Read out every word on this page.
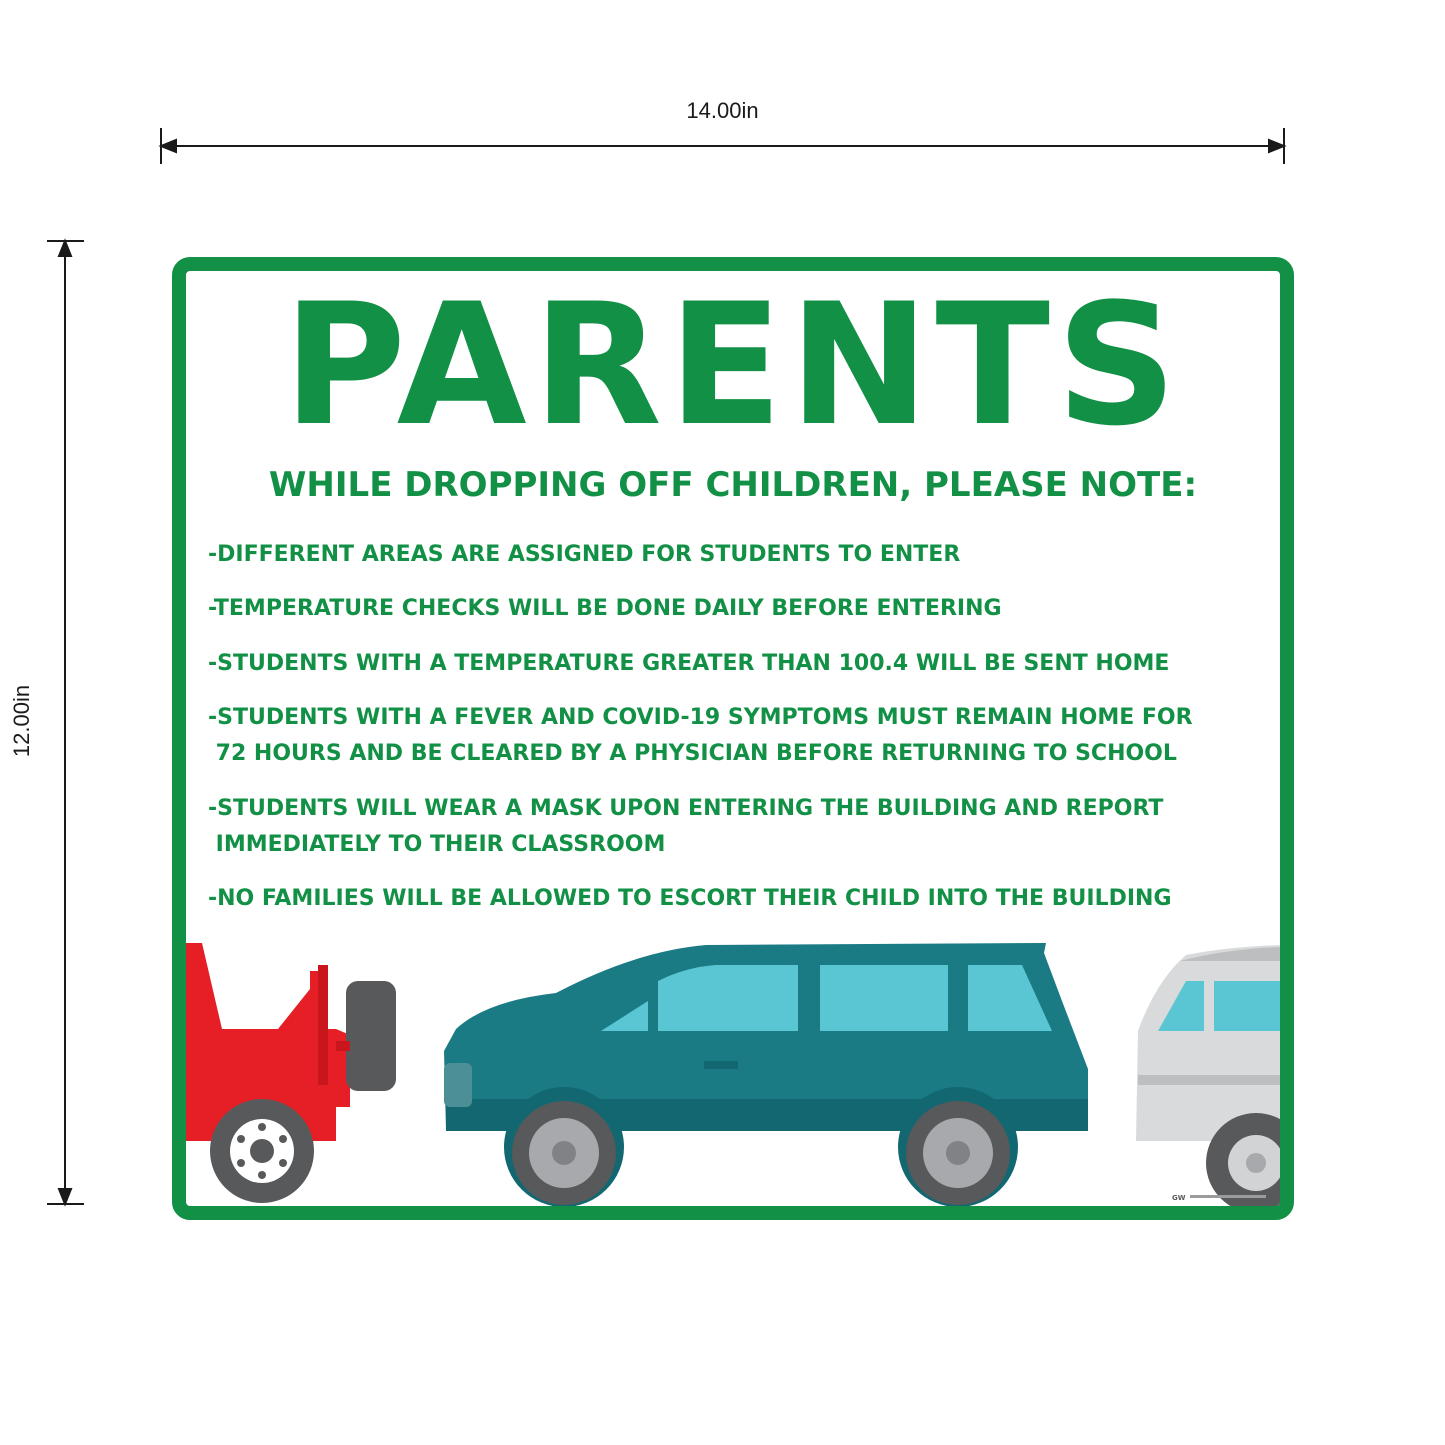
14.00in
12.00in
PARENTS
WHILE DROPPING OFF CHILDREN, PLEASE NOTE:
-DIFFERENT AREAS ARE ASSIGNED FOR STUDENTS TO ENTER
-TEMPERATURE CHECKS WILL BE DONE DAILY BEFORE ENTERING
-STUDENTS WITH A TEMPERATURE GREATER THAN 100.4 WILL BE SENT HOME
-STUDENTS WITH A FEVER AND COVID-19 SYMPTOMS MUST REMAIN HOME FOR
72 HOURS AND BE CLEARED BY A PHYSICIAN BEFORE RETURNING TO SCHOOL
-STUDENTS WILL WEAR A MASK UPON ENTERING THE BUILDING AND REPORT
IMMEDIATELY TO THEIR CLASSROOM
-NO FAMILIES WILL BE ALLOWED TO ESCORT THEIR CHILD INTO THE BUILDING
GW
